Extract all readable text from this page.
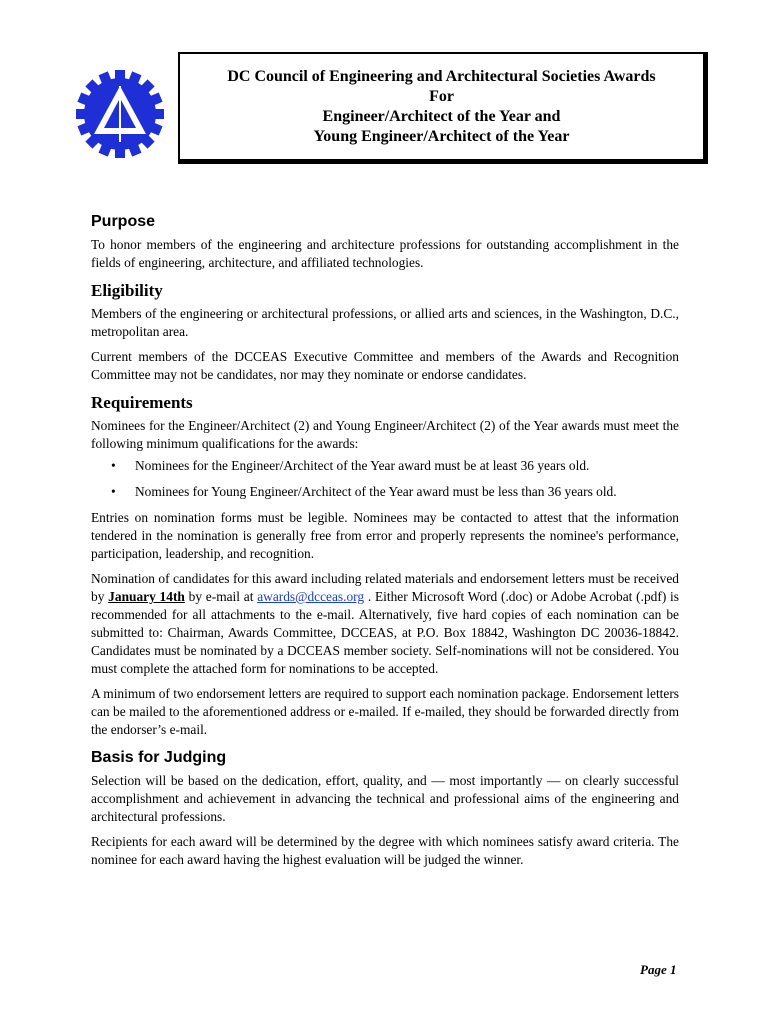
DC Council of Engineering and Architectural Societies Awards
For
Engineer/Architect of the Year and
Young Engineer/Architect of the Year
Purpose

To honor members of the engineering and architecture professions for outstanding accomplishment in the fields of engineering, architecture, and affiliated technologies.

Eligibility

Members of the engineering or architectural professions, or allied arts and sciences, in the Washington, D.C., metropolitan area.

Current members of the DCCEAS Executive Committee and members of the Awards and Recognition Committee may not be candidates, nor may they nominate or endorse candidates.

Requirements

Nominees for the Engineer/Architect (2) and Young Engineer/Architect (2) of the Year awards must meet the following minimum qualifications for the awards:

• Nominees for the Engineer/Architect of the Year award must be at least 36 years old.
• Nominees for Young Engineer/Architect of the Year award must be less than 36 years old.

Entries on nomination forms must be legible. Nominees may be contacted to attest that the information tendered in the nomination is generally free from error and properly represents the nominee's performance, participation, leadership, and recognition.

Nomination of candidates for this award including related materials and endorsement letters must be received by January 14th by e-mail at awards@dcceas.org . Either Microsoft Word (.doc) or Adobe Acrobat (.pdf) is recommended for all attachments to the e-mail. Alternatively, five hard copies of each nomination can be submitted to: Chairman, Awards Committee, DCCEAS, at P.O. Box 18842, Washington DC 20036-18842. Candidates must be nominated by a DCCEAS member society. Self-nominations will not be considered. You must complete the attached form for nominations to be accepted.

A minimum of two endorsement letters are required to support each nomination package. Endorsement letters can be mailed to the aforementioned address or e-mailed. If e-mailed, they should be forwarded directly from the endorser’s e-mail.

Basis for Judging

Selection will be based on the dedication, effort, quality, and — most importantly — on clearly successful accomplishment and achievement in advancing the technical and professional aims of the engineering and architectural professions.

Recipients for each award will be determined by the degree with which nominees satisfy award criteria. The nominee for each award having the highest evaluation will be judged the winner.

Page 1
